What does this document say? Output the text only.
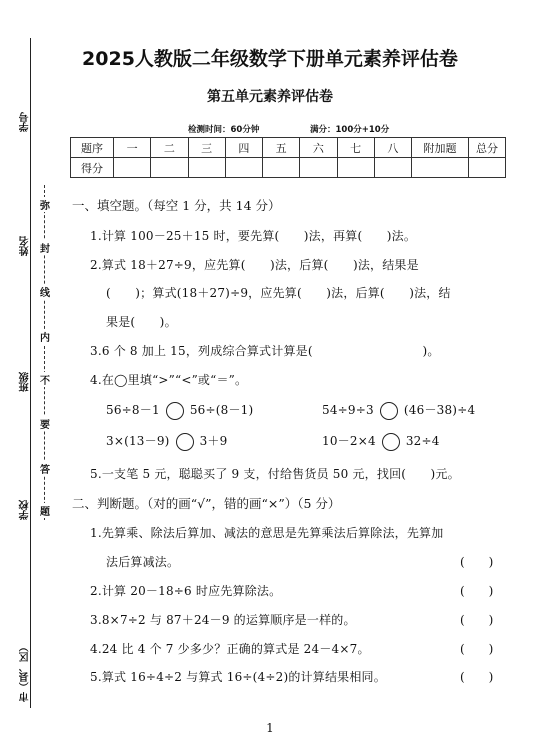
学号
姓名
班级
学校
市（县、区）
弥
封
线
内
不
要
答
题
2025人教版二年级数学下册单元素养评估卷
第五单元素养评估卷
检测时间：60分钟	满分：100分+10分
题序	一	二	三	四	五	六	七	八	附加题	总分
得分										
一、填空题。（每空 1 分，共 14 分）
1.计算 100－25＋15 时，要先算(　　)法，再算(　　)法。
2.算式 18＋27÷9，应先算(　　)法，后算(　　)法，结果是
(　　)；算式(18＋27)÷9，应先算(　　)法，后算(　　)法，结
果是(　　)。
3.6 个 8 加上 15，列成综合算式计算是(　　　　　　　　　)。
4.在◯里填“>”“<”或“＝”。
56÷8－1	56÷(8－1)	54÷9÷3	(46－38)÷4
3×(13－9)	3＋9	10－2×4	32÷4
5.一支笔 5 元，聪聪买了 9 支，付给售货员 50 元，找回(　　)元。
二、判断题。（对的画“√”，错的画“×”）（5 分）
1.先算乘、除法后算加、减法的意思是先算乘法后算除法，先算加
法后算减法。	(　　)
2.计算 20－18÷6 时应先算除法。	(　　)
3.8×7÷2 与 87＋24－9 的运算顺序是一样的。	(　　)
4.24 比 4 个 7 少多少？正确的算式是 24－4×7。	(　　)
5.算式 16÷4÷2 与算式 16÷(4÷2)的计算结果相同。	(　　)
1
